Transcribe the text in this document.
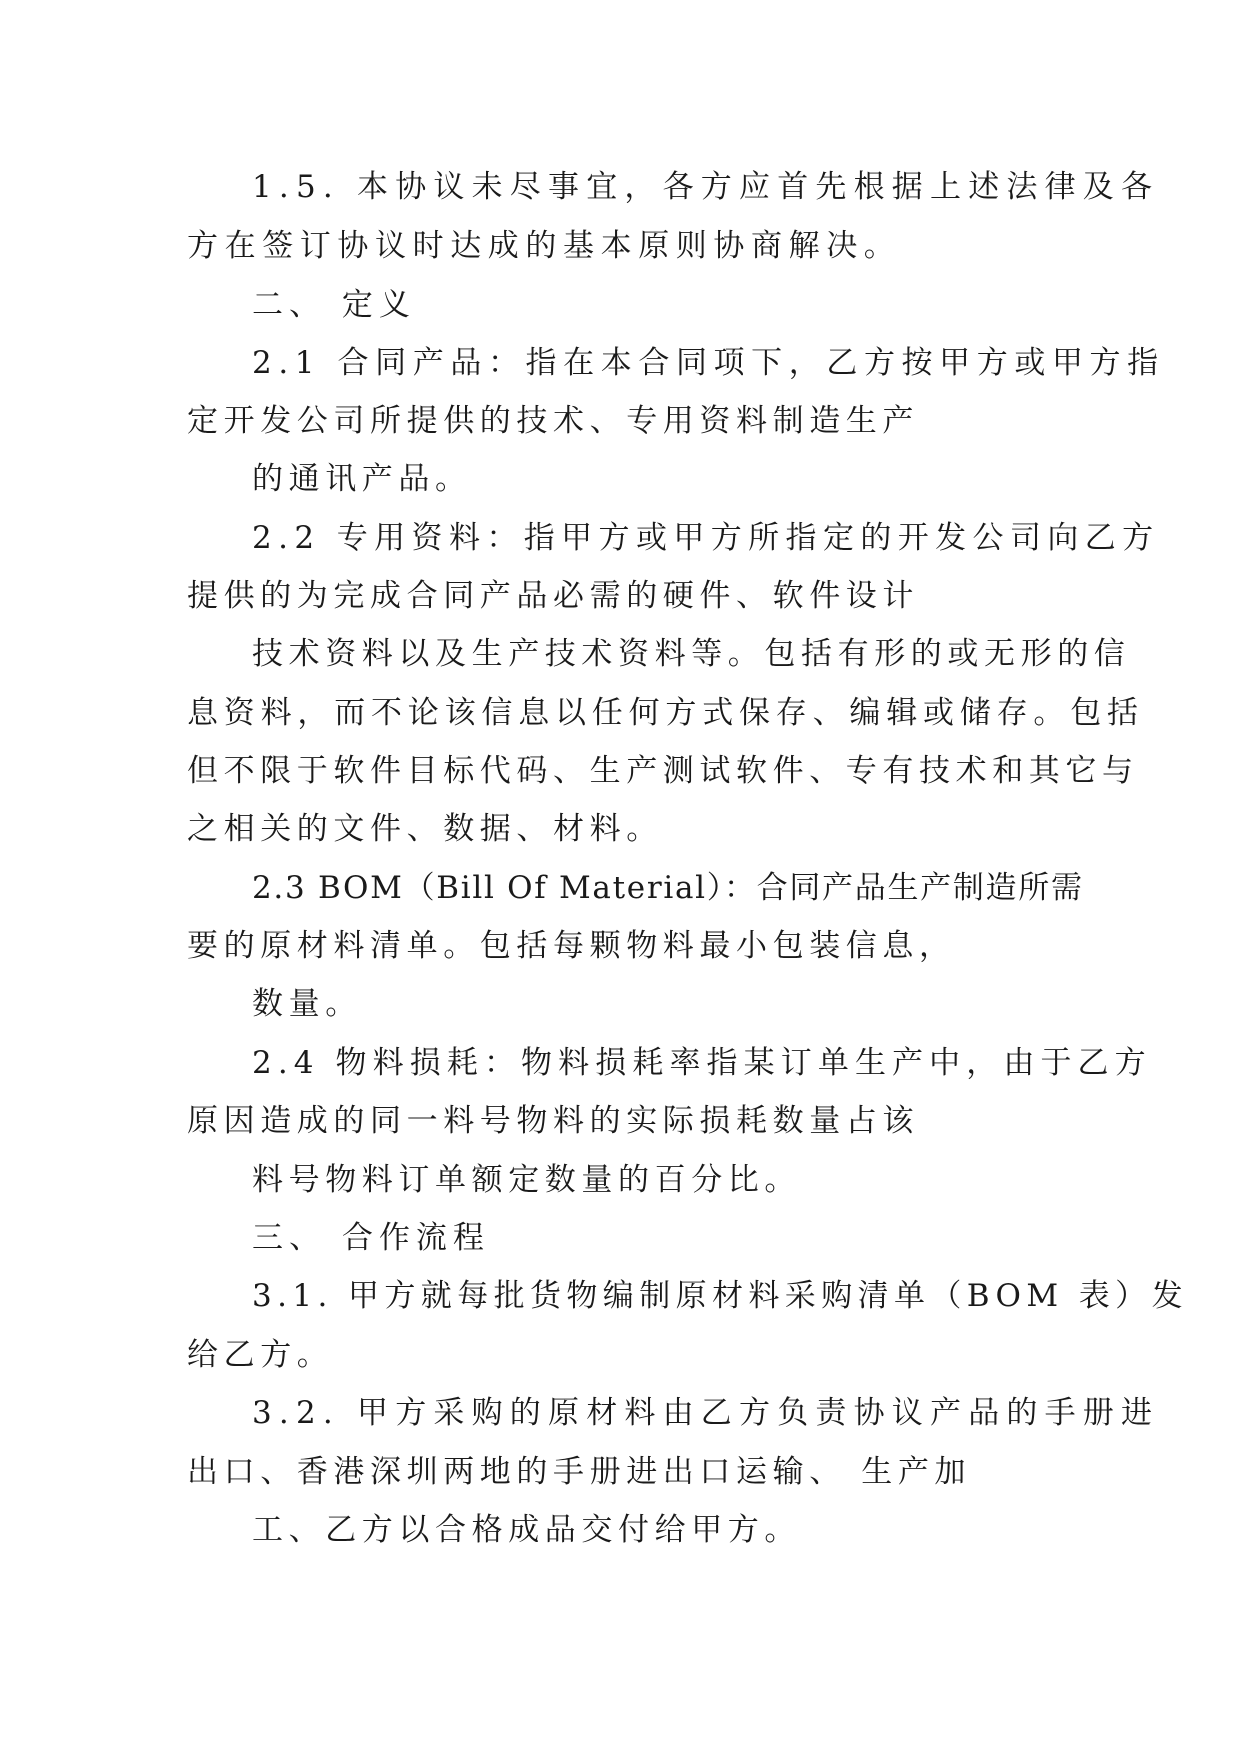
1.5. 本协议未尽事宜，各方应首先根据上述法律及各
方在签订协议时达成的基本原则协商解决。
二、 定义
2.1 合同产品：指在本合同项下，乙方按甲方或甲方指
定开发公司所提供的技术、专用资料制造生产
的通讯产品。
2.2 专用资料：指甲方或甲方所指定的开发公司向乙方
提供的为完成合同产品必需的硬件、软件设计
技术资料以及生产技术资料等。包括有形的或无形的信
息资料，而不论该信息以任何方式保存、编辑或储存。包括
但不限于软件目标代码、生产测试软件、专有技术和其它与
之相关的文件、数据、材料。
2.3 BOM（Bill Of Material）：合同产品生产制造所需
要的原材料清单。包括每颗物料最小包装信息，
数量。
2.4 物料损耗：物料损耗率指某订单生产中，由于乙方
原因造成的同一料号物料的实际损耗数量占该
料号物料订单额定数量的百分比。
三、 合作流程
3.1. 甲方就每批货物编制原材料采购清单（BOM 表）发
给乙方。
3.2. 甲方采购的原材料由乙方负责协议产品的手册进
出口、香港深圳两地的手册进出口运输、 生产加
工、乙方以合格成品交付给甲方。
